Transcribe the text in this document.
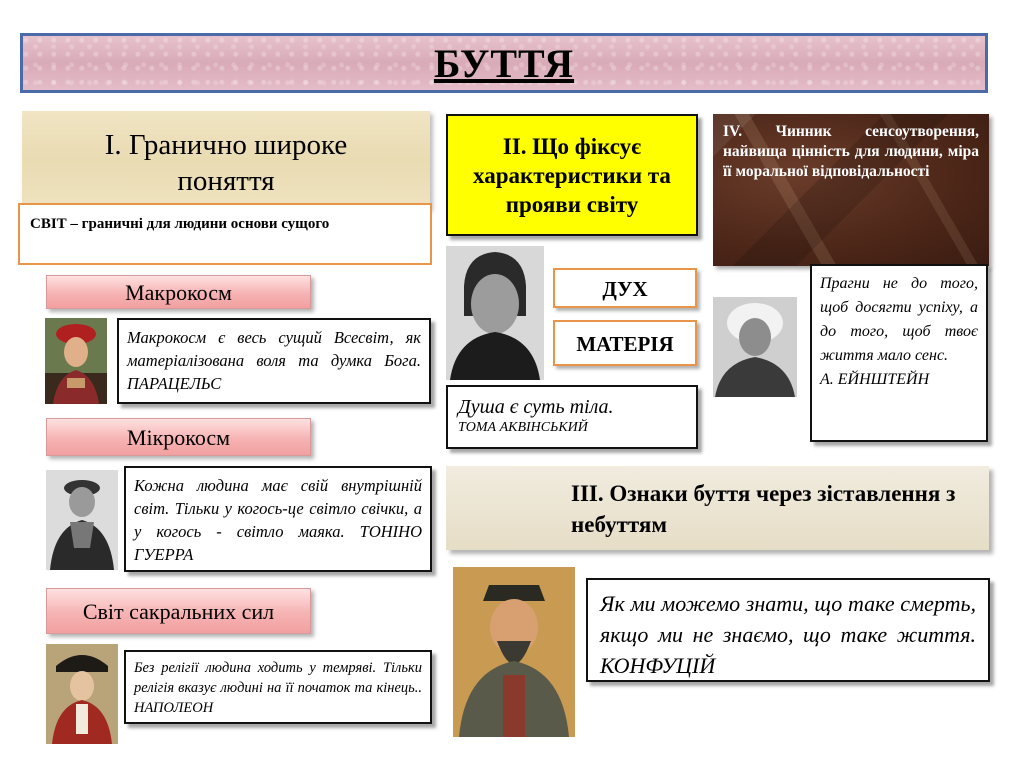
БУТТЯ
І. Гранично широке поняття
СВІТ – граничні для людини основи сущого
Макрокосм
Макрокосм є весь сущий Всесвіт, як матеріалізована воля та думка Бога. ПАРАЦЕЛЬС
Мікрокосм
Кожна людина має свій внутрішній світ. Тільки у когось-це світло свічки, а у когось - світло маяка. ТОНІНО ГУЕРРА
Світ сакральних сил
Без релігії людина ходить у темряві. Тільки релігія вказує людині на її початок та кінець.. НАПОЛЕОН
ІІ. Що фіксує характеристики та прояви світу
ДУХ
МАТЕРІЯ
Душа є суть тіла.
ТОМА АКВІНСЬКИЙ
IV. Чинник сенсоутворення, найвища цінність для людини, міра її моральної відповідальності
Прагни не до того, щоб досягти успіху, а до того, щоб твоє життя мало сенс.
А. ЕЙНШТЕЙН
ІІІ. Ознаки буття через зіставлення з небуттям
Як ми можемо знати, що таке смерть, якщо ми не знаємо, що таке життя. КОНФУЦІЙ
